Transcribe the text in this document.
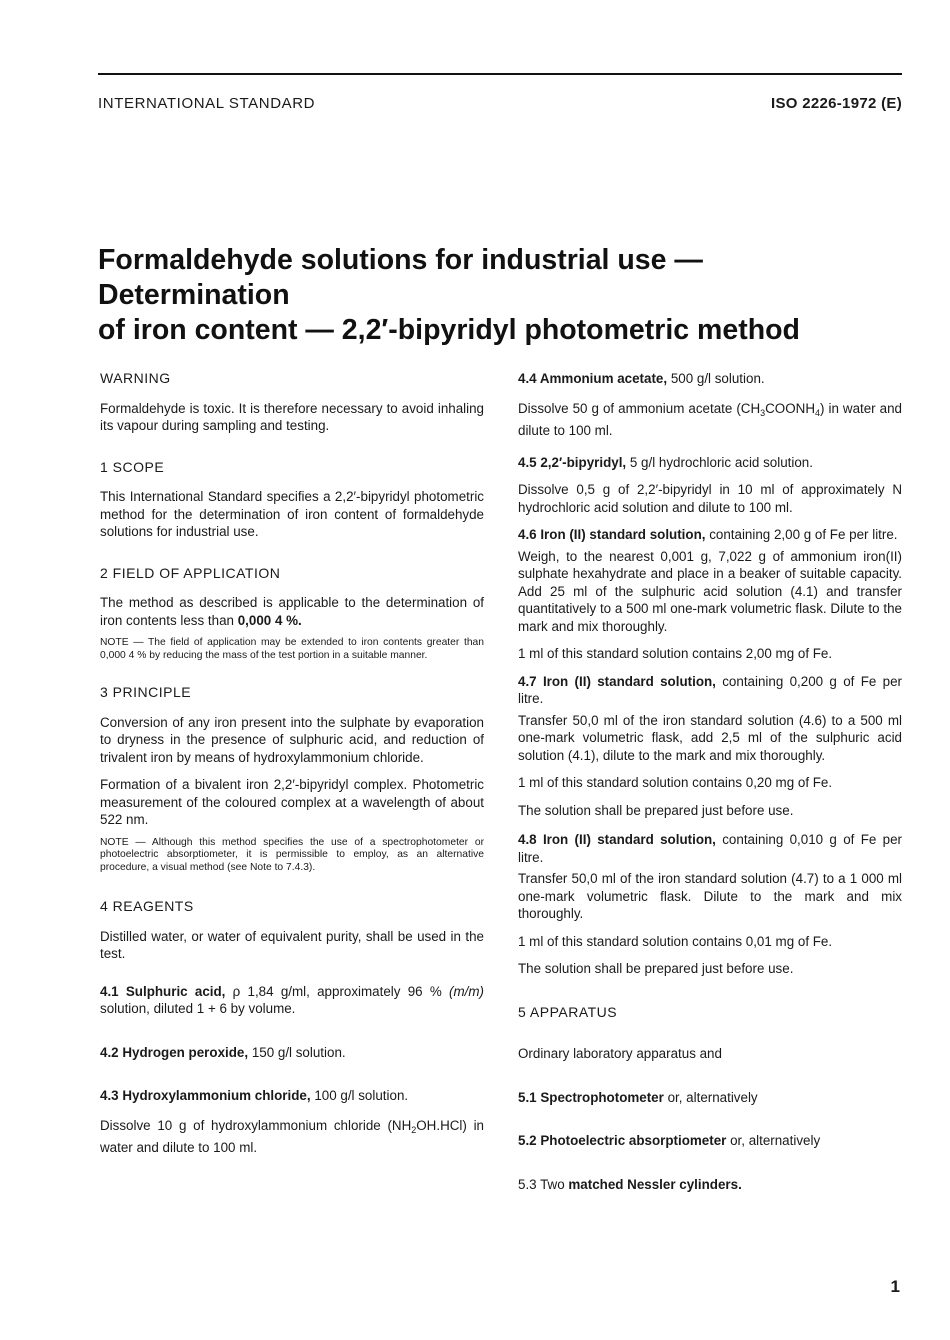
INTERNATIONAL STANDARD	ISO 2226-1972 (E)
Formaldehyde solutions for industrial use — Determination
of iron content — 2,2′-bipyridyl photometric method

WARNING

Formaldehyde is toxic. It is therefore necessary to avoid inhaling its vapour during sampling and testing.

1 SCOPE

This International Standard specifies a 2,2′-bipyridyl photometric method for the determination of iron content of formaldehyde solutions for industrial use.

2 FIELD OF APPLICATION

The method as described is applicable to the determination of iron contents less than 0,000 4 %.

NOTE — The field of application may be extended to iron contents greater than 0,000 4 % by reducing the mass of the test portion in a suitable manner.

3 PRINCIPLE

Conversion of any iron present into the sulphate by evaporation to dryness in the presence of sulphuric acid, and reduction of trivalent iron by means of hydroxylammonium chloride.

Formation of a bivalent iron 2,2′-bipyridyl complex. Photometric measurement of the coloured complex at a wavelength of about 522 nm.

NOTE — Although this method specifies the use of a spectrophotometer or photoelectric absorptiometer, it is permissible to employ, as an alternative procedure, a visual method (see Note to 7.4.3).

4 REAGENTS

Distilled water, or water of equivalent purity, shall be used in the test.

4.1 Sulphuric acid, ρ 1,84 g/ml, approximately 96 % (m/m) solution, diluted 1 + 6 by volume.

4.2 Hydrogen peroxide, 150 g/l solution.

4.3 Hydroxylammonium chloride, 100 g/l solution.

Dissolve 10 g of hydroxylammonium chloride $(NH_2OH.HCl)$ in water and dilute to 100 ml.

4.4 Ammonium acetate, 500 g/l solution.

Dissolve 50 g of ammonium acetate $(CH_3COONH_4)$ in water and dilute to 100 ml.

4.5 2,2′-bipyridyl, 5 g/l hydrochloric acid solution.

Dissolve 0,5 g of 2,2′-bipyridyl in 10 ml of approximately N hydrochloric acid solution and dilute to 100 ml.

4.6 Iron (II) standard solution, containing 2,00 g of Fe per litre.

Weigh, to the nearest 0,001 g, 7,022 g of ammonium iron(II) sulphate hexahydrate and place in a beaker of suitable capacity. Add 25 ml of the sulphuric acid solution (4.1) and transfer quantitatively to a 500 ml one-mark volumetric flask. Dilute to the mark and mix thoroughly.

1 ml of this standard solution contains 2,00 mg of Fe.

4.7 Iron (II) standard solution, containing 0,200 g of Fe per litre.

Transfer 50,0 ml of the iron standard solution (4.6) to a 500 ml one-mark volumetric flask, add 2,5 ml of the sulphuric acid solution (4.1), dilute to the mark and mix thoroughly.

1 ml of this standard solution contains 0,20 mg of Fe.

The solution shall be prepared just before use.

4.8 Iron (II) standard solution, containing 0,010 g of Fe per litre.

Transfer 50,0 ml of the iron standard solution (4.7) to a 1 000 ml one-mark volumetric flask. Dilute to the mark and mix thoroughly.

1 ml of this standard solution contains 0,01 mg of Fe.

The solution shall be prepared just before use.

5 APPARATUS

Ordinary laboratory apparatus and

5.1 Spectrophotometer or, alternatively

5.2 Photoelectric absorptiometer or, alternatively

5.3 Two matched Nessler cylinders.

1
